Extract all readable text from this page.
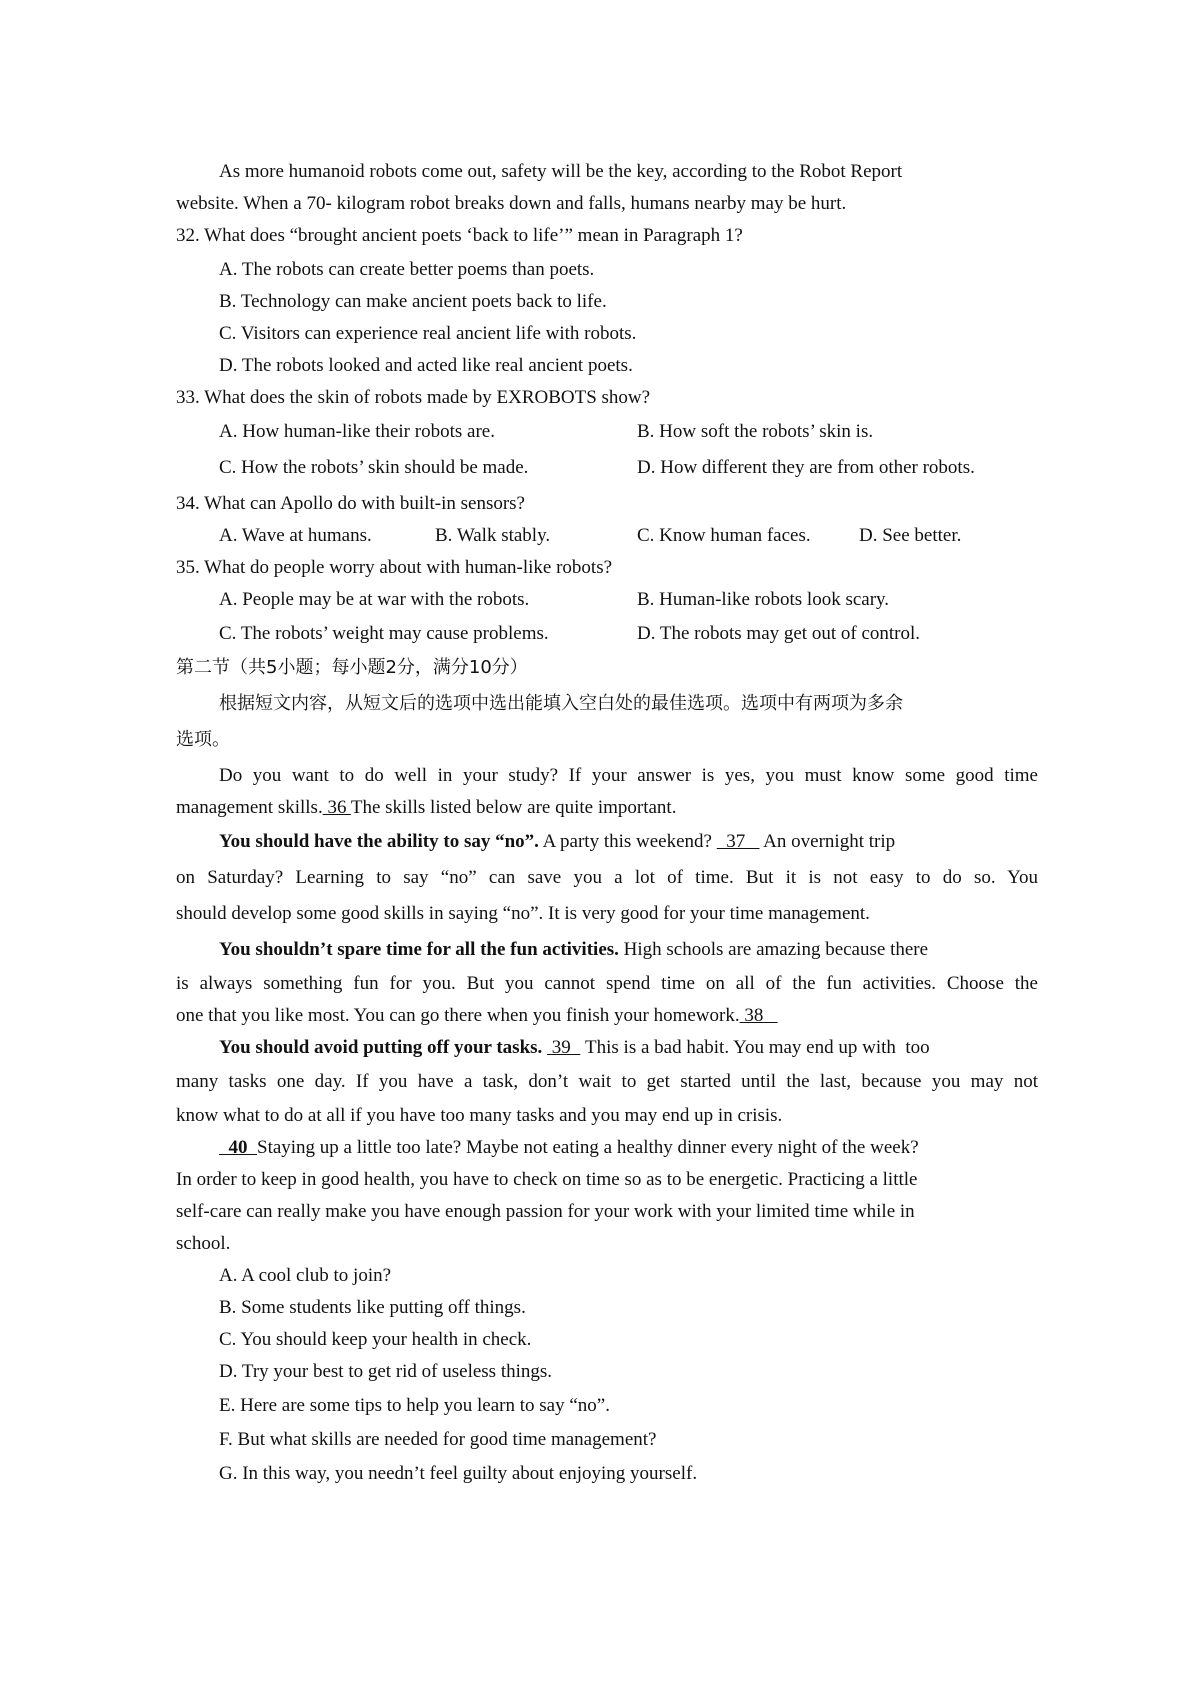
As more humanoid robots come out, safety will be the key, according to the Robot Report
website. When a 70- kilogram robot breaks down and falls, humans nearby may be hurt.
32. What does “brought ancient poets ‘back to life’” mean in Paragraph 1?
A. The robots can create better poems than poets.
B. Technology can make ancient poets back to life.
C. Visitors can experience real ancient life with robots.
D. The robots looked and acted like real ancient poets.
33. What does the skin of robots made by EXROBOTS show?
A. How human-like their robots are.	B. How soft the robots’ skin is.
C. How the robots’ skin should be made.	D. How different they are from other robots.
34. What can Apollo do with built-in sensors?
A. Wave at humans.	B. Walk stably.	C. Know human faces.	D. See better.
35. What do people worry about with human-like robots?
A. People may be at war with the robots.	B. Human-like robots look scary.
C. The robots’ weight may cause problems.	D. The robots may get out of control.
第二节（共5小题；每小题2分，满分10分）
根据短文内容，从短文后的选项中选出能填入空白处的最佳选项。选项中有两项为多余
选项。
Do you want to do well in your study? If your answer is yes, you must know some good time
management skills. 36 The skills listed below are quite important.
You should have the ability to say “no”. A party this weekend?   37    An overnight trip
on Saturday? Learning to say “no” can save you a lot of time. But it is not easy to do so. You
should develop some good skills in saying “no”. It is very good for your time management.
You shouldn’t spare time for all the fun activities. High schools are amazing because there
is always something fun for you. But you cannot spend time on all of the fun activities. Choose the
one that you like most. You can go there when you finish your homework. 38
You should avoid putting off your tasks.  39   This is a bad habit. You may end up with  too
many tasks one day. If you have a task, don’t wait to get started until the last, because you may not
know what to do at all if you have too many tasks and you may end up in crisis.
40  Staying up a little too late? Maybe not eating a healthy dinner every night of the week?
In order to keep in good health, you have to check on time so as to be energetic. Practicing a little
self-care can really make you have enough passion for your work with your limited time while in
school.
A. A cool club to join?
B. Some students like putting off things.
C. You should keep your health in check.
D. Try your best to get rid of useless things.
E. Here are some tips to help you learn to say “no”.
F. But what skills are needed for good time management?
G. In this way, you needn’t feel guilty about enjoying yourself.
